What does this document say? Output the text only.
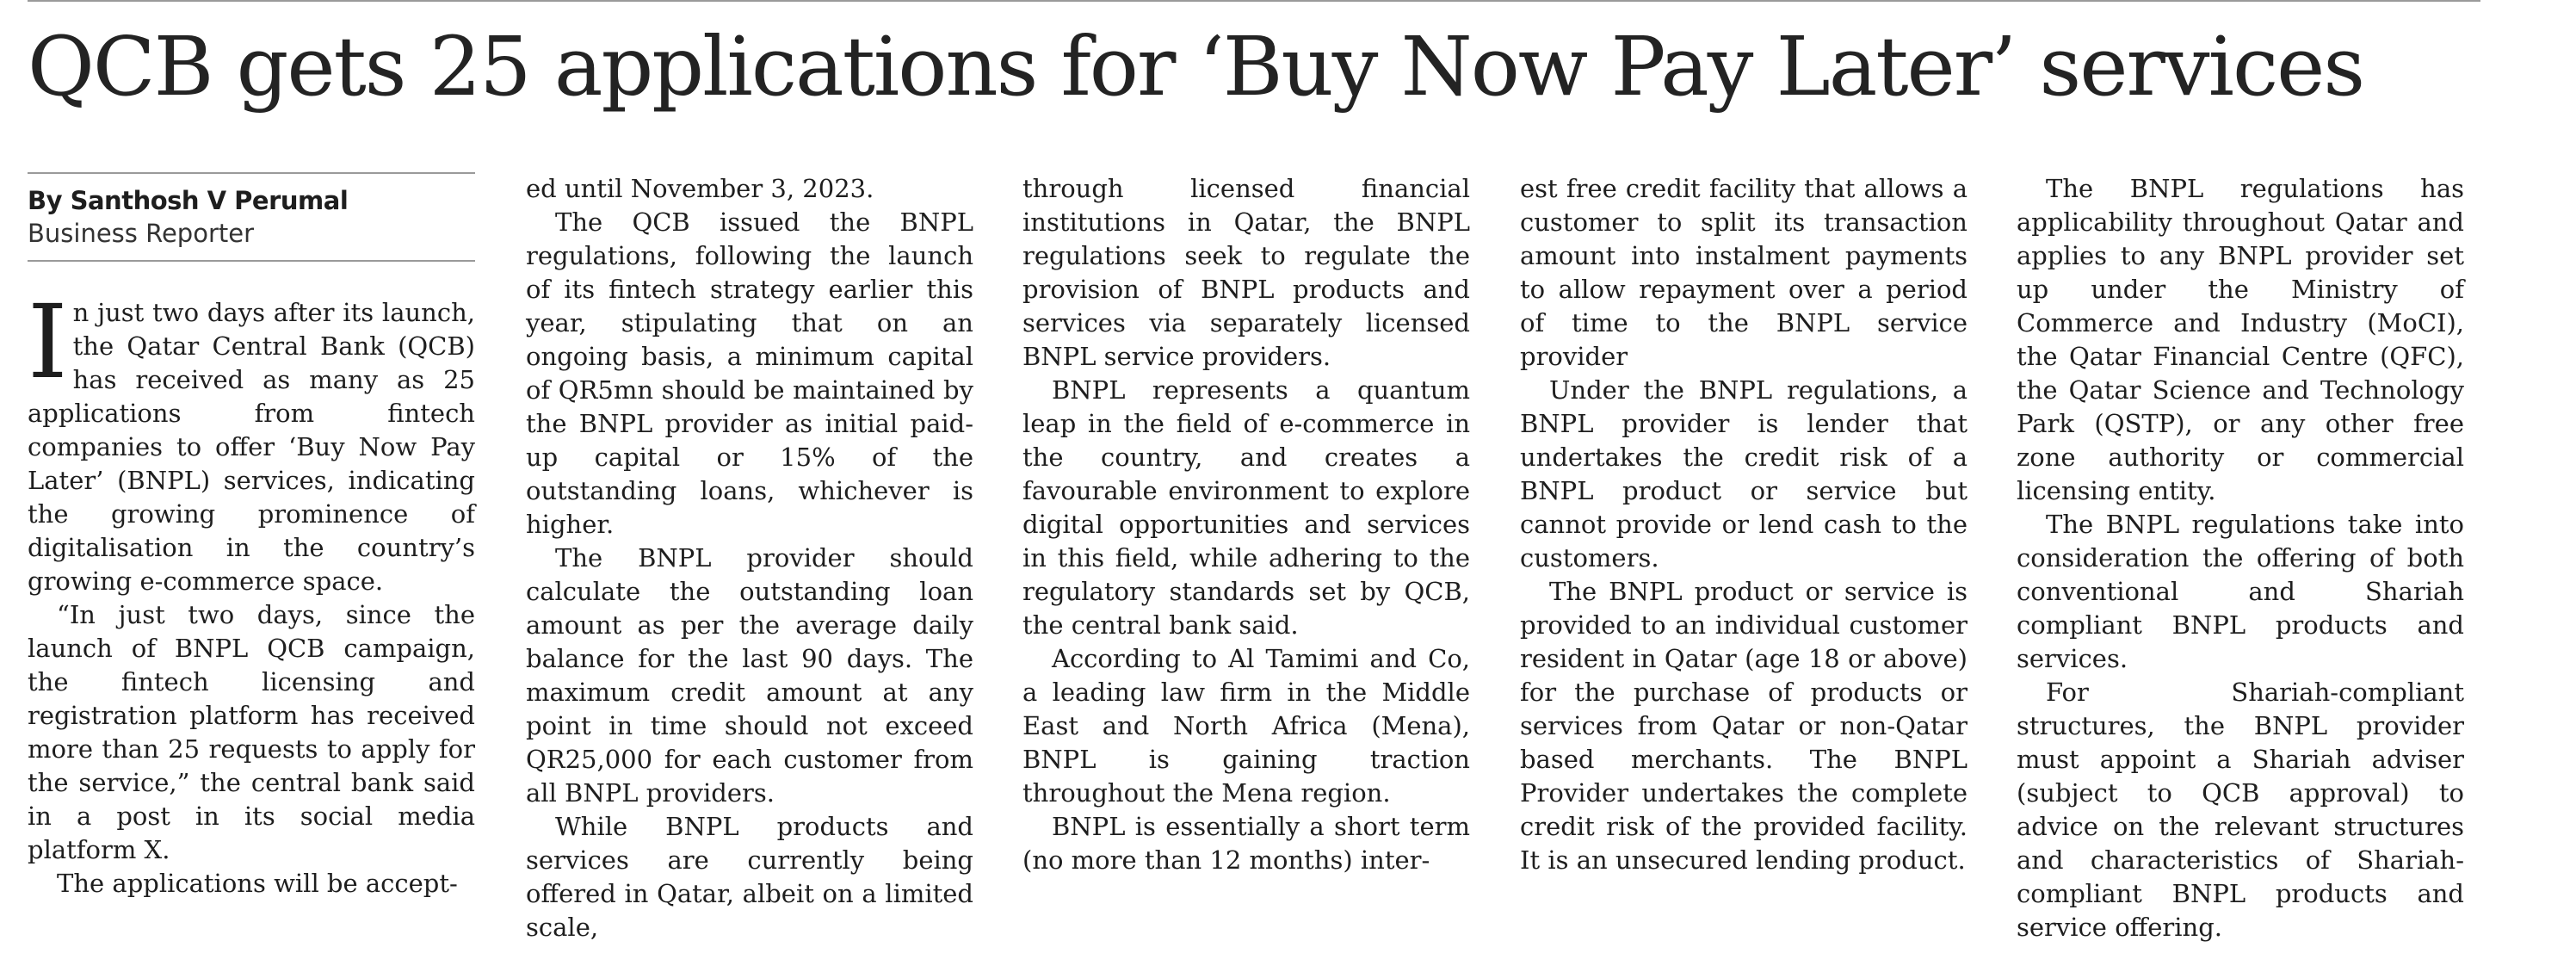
QCB gets 25 applications for ‘Buy Now Pay Later’ services
By Santhosh V Perumal
Business Reporter

In just two days after its launch, the Qatar Central Bank (QCB) has received as many as 25 applications from fintech companies to offer ‘Buy Now Pay Later’ (BNPL) services, indicating the growing prominence of digitalisation in the country’s growing e-commerce space.

“In just two days, since the launch of BNPL QCB campaign, the fintech licensing and registration platform has received more than 25 requests to apply for the service,” the central bank said in a post in its social media platform X.

The applications will be accept-

ed until November 3, 2023.

The QCB issued the BNPL regulations, following the launch of its fintech strategy earlier this year, stipulating that on an ongoing basis, a minimum capital of QR5mn should be maintained by the BNPL provider as initial paid-up capital or 15% of the outstanding loans, whichever is higher.

The BNPL provider should calculate the outstanding loan amount as per the average daily balance for the last 90 days. The maximum credit amount at any point in time should not exceed QR25,000 for each customer from all BNPL providers.

While BNPL products and services are currently being offered in Qatar, albeit on a limited scale,

through licensed financial institutions in Qatar, the BNPL regulations seek to regulate the provision of BNPL products and services via separately licensed BNPL service providers.

BNPL represents a quantum leap in the field of e-commerce in the country, and creates a favourable environment to explore digital opportunities and services in this field, while adhering to the regulatory standards set by QCB, the central bank said.

According to Al Tamimi and Co, a leading law firm in the Middle East and North Africa (Mena), BNPL is gaining traction throughout the Mena region.

BNPL is essentially a short term (no more than 12 months) inter-

est free credit facility that allows a customer to split its transaction amount into instalment payments to allow repayment over a period of time to the BNPL service provider

Under the BNPL regulations, a BNPL provider is lender that undertakes the credit risk of a BNPL product or service but cannot provide or lend cash to the customers.

The BNPL product or service is provided to an individual customer resident in Qatar (age 18 or above) for the purchase of products or services from Qatar or non-Qatar based merchants. The BNPL Provider undertakes the complete credit risk of the provided facility. It is an unsecured lending product.

The BNPL regulations has applicability throughout Qatar and applies to any BNPL provider set up under the Ministry of Commerce and Industry (MoCI), the Qatar Financial Centre (QFC), the Qatar Science and Technology Park (QSTP), or any other free zone authority or commercial licensing entity.

The BNPL regulations take into consideration the offering of both conventional and Shariah compliant BNPL products and services.

For Shariah-compliant structures, the BNPL provider must appoint a Shariah adviser (subject to QCB approval) to advice on the relevant structures and characteristics of Shariah-compliant BNPL products and service offering.
